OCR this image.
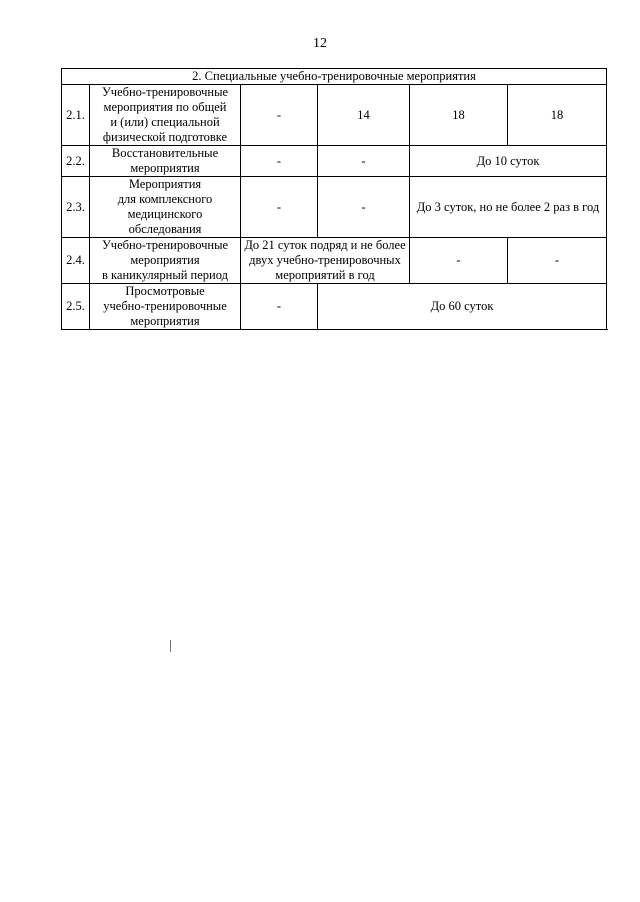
12
2. Специальные учебно-тренировочные мероприятия					
2.1.	Учебно-тренировочные
мероприятия по общей
и (или) специальной
физической подготовке	-	14	18	18
2.2.	Восстановительные
мероприятия	-	-	До 10 суток	
2.3.	Мероприятия
для комплексного
медицинского
обследования	-	-	До 3 суток, но не более 2 раз в год	
2.4.	Учебно-тренировочные
мероприятия
в каникулярный период	До 21 суток подряд и не более двух учебно-тренировочных мероприятий в год		-	-
2.5.	Просмотровые
учебно-тренировочные
мероприятия	-	До 60 суток		
